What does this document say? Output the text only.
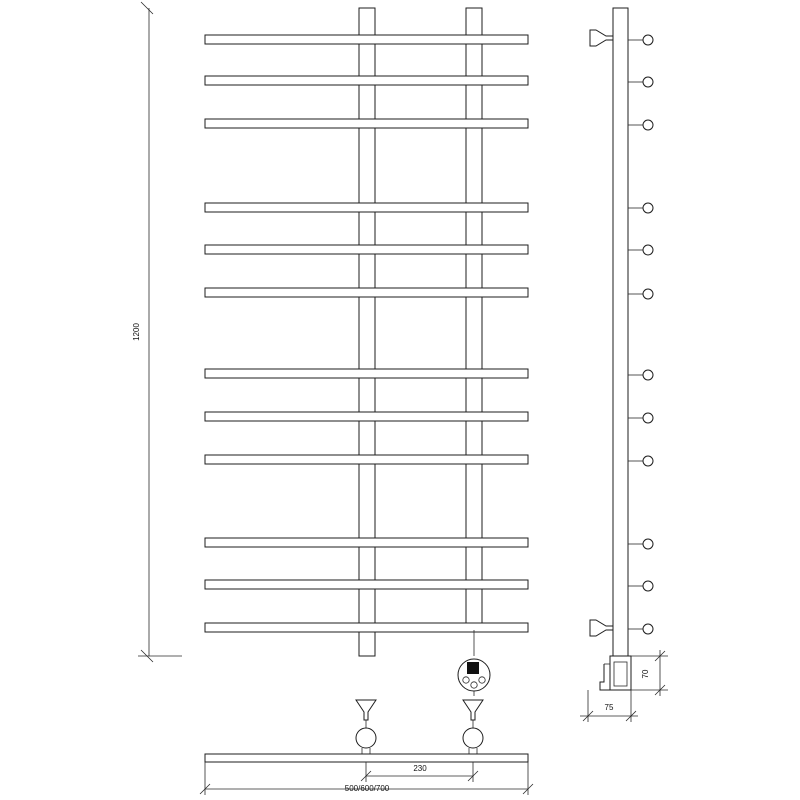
1200
230
500/600/700
70
75
